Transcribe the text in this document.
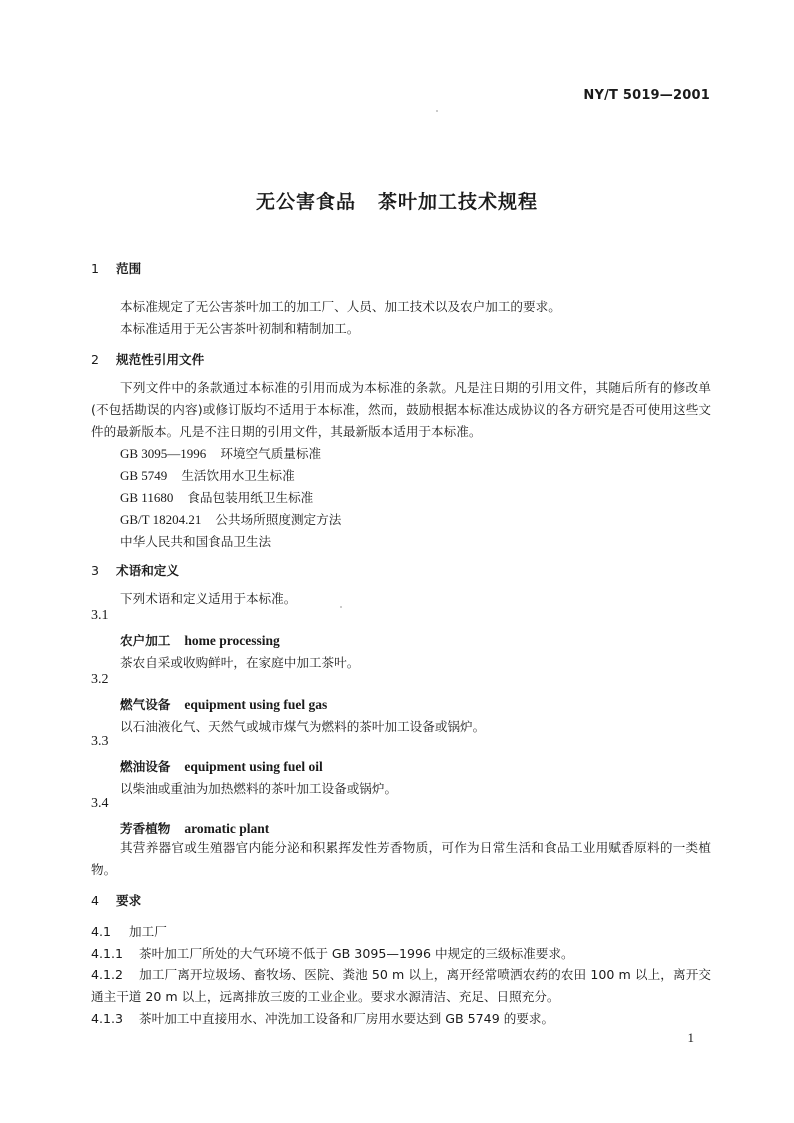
NY/T 5019—2001
无公害食品 茶叶加工技术规程
1 范围
本标准规定了无公害茶叶加工的加工厂、人员、加工技术以及农户加工的要求。
本标准适用于无公害茶叶初制和精制加工。
2 规范性引用文件
下列文件中的条款通过本标准的引用而成为本标准的条款。凡是注日期的引用文件，其随后所有的修改单(不包括勘误的内容)或修订版均不适用于本标准，然而，鼓励根据本标准达成协议的各方研究是否可使用这些文件的最新版本。凡是不注日期的引用文件，其最新版本适用于本标准。
GB 3095—1996 环境空气质量标准
GB 5749 生活饮用水卫生标准
GB 11680 食品包装用纸卫生标准
GB/T 18204.21 公共场所照度测定方法
中华人民共和国食品卫生法
3 术语和定义
下列术语和定义适用于本标准。
3.1
农户加工 home processing
茶农自采或收购鲜叶，在家庭中加工茶叶。
3.2
燃气设备 equipment using fuel gas
以石油液化气、天然气或城市煤气为燃料的茶叶加工设备或锅炉。
3.3
燃油设备 equipment using fuel oil
以柴油或重油为加热燃料的茶叶加工设备或锅炉。
3.4
芳香植物 aromatic plant
其营养器官或生殖器官内能分泌和积累挥发性芳香物质，可作为日常生活和食品工业用赋香原料的一类植物。
4 要求
4.1 加工厂
4.1.1 茶叶加工厂所处的大气环境不低于 GB 3095—1996 中规定的三级标准要求。
4.1.2 加工厂离开垃圾场、畜牧场、医院、粪池 50 m 以上，离开经常喷洒农药的农田 100 m 以上，离开交通主干道 20 m 以上，远离排放三废的工业企业。要求水源清洁、充足、日照充分。
4.1.3 茶叶加工中直接用水、冲洗加工设备和厂房用水要达到 GB 5749 的要求。
1
